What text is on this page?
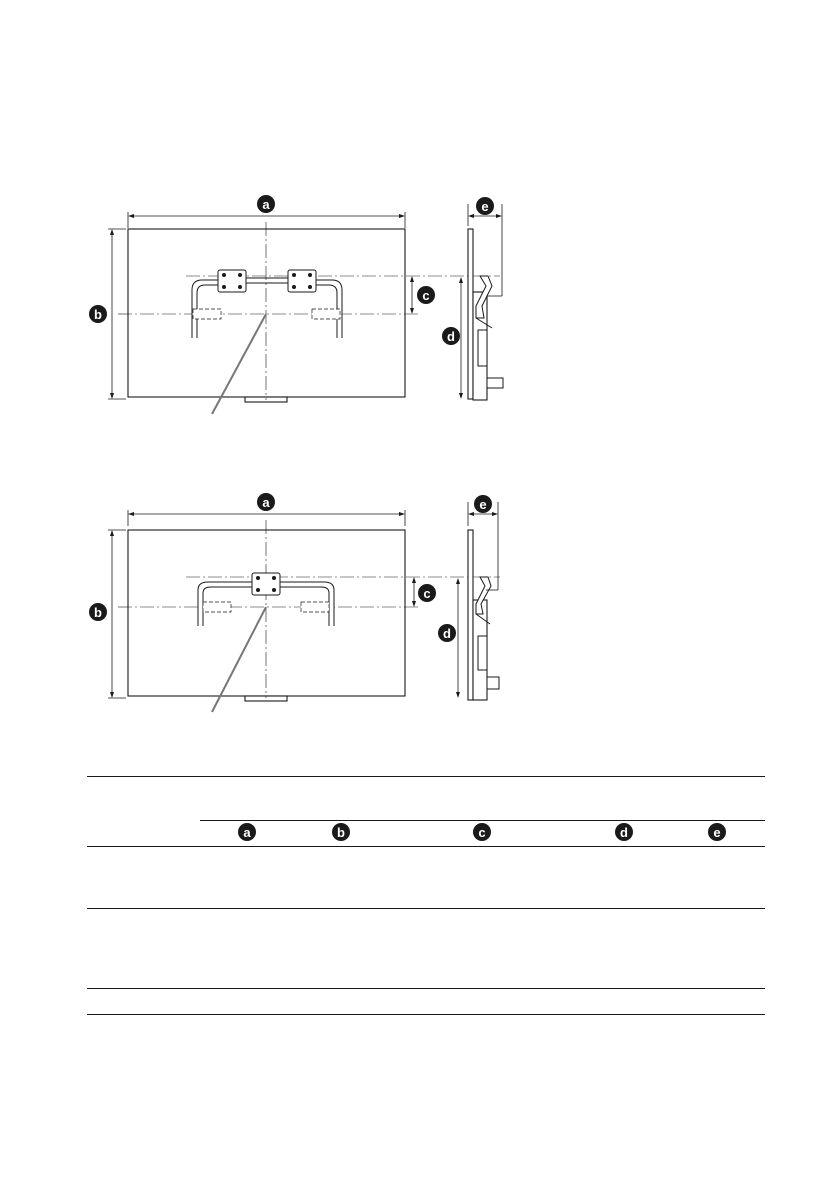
a
b
c
d
e
a
b
c
d
e
a	b	c	d	e
